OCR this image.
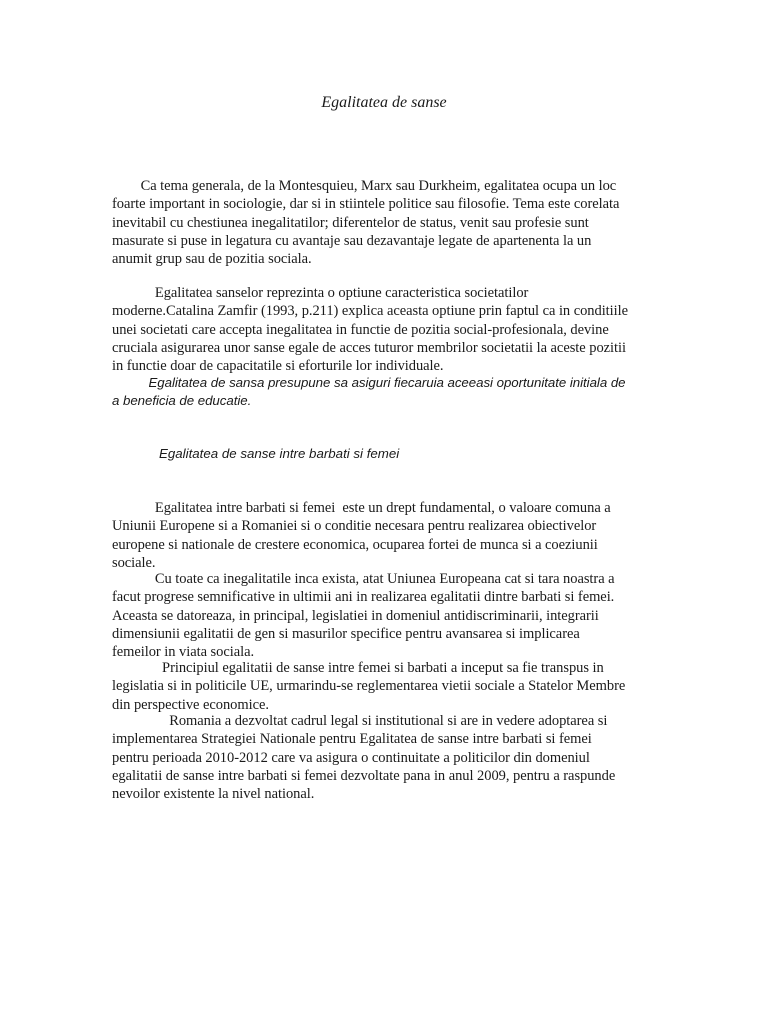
Egalitatea de sanse

Ca tema generala, de la Montesquieu, Marx sau Durkheim, egalitatea ocupa un loc
foarte important in sociologie, dar si in stiintele politice sau filosofie. Tema este corelata
inevitabil cu chestiunea inegalitatilor; diferentelor de status, venit sau profesie sunt
masurate si puse in legatura cu avantaje sau dezavantaje legate de apartenenta la un
anumit grup sau de pozitia sociala.

Egalitatea sanselor reprezinta o optiune caracteristica societatilor
moderne.Catalina Zamfir (1993, p.211) explica aceasta optiune prin faptul ca in conditiile
unei societati care accepta inegalitatea in functie de pozitia social-profesionala, devine
cruciala asigurarea unor sanse egale de acces tuturor membrilor societatii la aceste pozitii
in functie doar de capacitatile si eforturile lor individuale.

Egalitatea de sansa presupune sa asiguri fiecaruia aceeasi oportunitate initiala de
a beneficia de educatie.

Egalitatea de sanse intre barbati si femei

Egalitatea intre barbati si femei  este un drept fundamental, o valoare comuna a
Uniunii Europene si a Romaniei si o conditie necesara pentru realizarea obiectivelor
europene si nationale de crestere economica, ocuparea fortei de munca si a coeziunii
sociale.

Cu toate ca inegalitatile inca exista, atat Uniunea Europeana cat si tara noastra a
facut progrese semnificative in ultimii ani in realizarea egalitatii dintre barbati si femei.
Aceasta se datoreaza, in principal, legislatiei in domeniul antidiscriminarii, integrarii
dimensiunii egalitatii de gen si masurilor specifice pentru avansarea si implicarea
femeilor in viata sociala.

Principiul egalitatii de sanse intre femei si barbati a inceput sa fie transpus in
legislatia si in politicile UE, urmarindu-se reglementarea vietii sociale a Statelor Membre
din perspective economice.

Romania a dezvoltat cadrul legal si institutional si are in vedere adoptarea si
implementarea Strategiei Nationale pentru Egalitatea de sanse intre barbati si femei
pentru perioada 2010-2012 care va asigura o continuitate a politicilor din domeniul
egalitatii de sanse intre barbati si femei dezvoltate pana in anul 2009, pentru a raspunde
nevoilor existente la nivel national.
